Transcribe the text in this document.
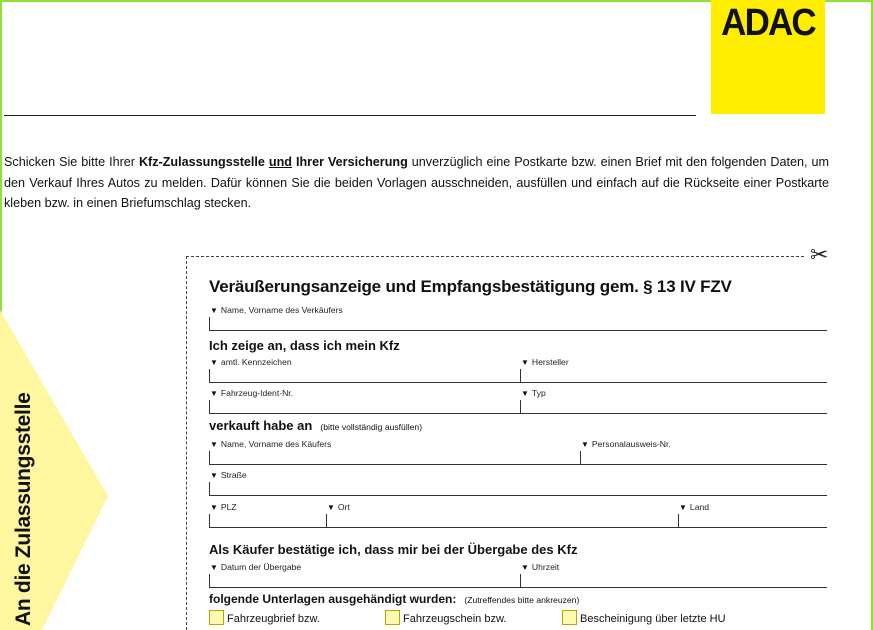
ADAC

Schicken Sie bitte Ihrer Kfz-Zulassungsstelle und Ihrer Versicherung unverzüglich eine Postkarte bzw. einen Brief mit den folgenden Daten, um den Verkauf Ihres Autos zu melden. Dafür können Sie die beiden Vorlagen ausschneiden, ausfüllen und einfach auf die Rückseite einer Postkarte kleben bzw. in einen Briefumschlag stecken.

✂
An die Zulassungsstelle
Veräußerungsanzeige und Empfangsbestätigung gem. § 13 IV FZV
▼ Name, Vorname des Verkäufers
Ich zeige an, dass ich mein Kfz
▼ amtl. Kennzeichen	▼ Hersteller
▼ Fahrzeug-Ident-Nr.	▼ Typ
verkauft habe an (bitte vollständig ausfüllen)
▼ Name, Vorname des Käufers	▼ Personalausweis-Nr.
▼ Straße
▼ PLZ	▼ Ort	▼ Land
Als Käufer bestätige ich, dass mir bei der Übergabe des Kfz
▼ Datum der Übergabe	▼ Uhrzeit
folgende Unterlagen ausgehändigt wurden: (Zutreffendes bitte ankreuzen)
Fahrzeugbrief bzw.	Fahrzeugschein bzw.	Bescheinigung über letzte HU
